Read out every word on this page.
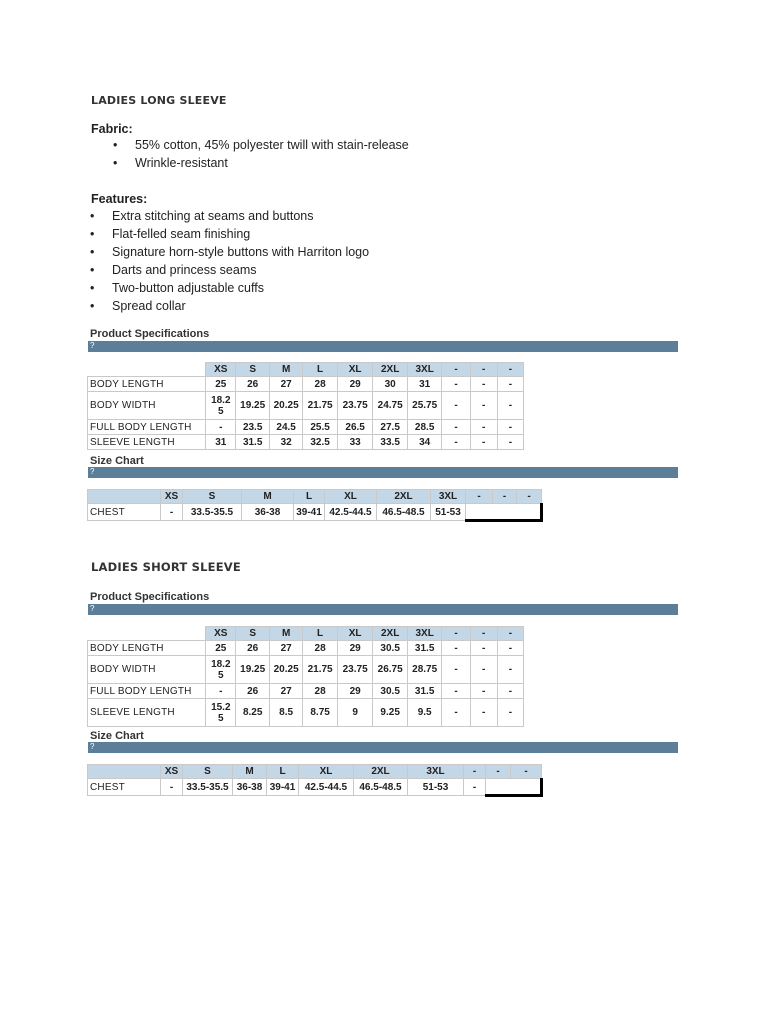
LADIES LONG SLEEVE
Fabric:
• 55% cotton, 45% polyester twill with stain-release
• Wrinkle-resistant
Features:
• Extra stitching at seams and buttons
• Flat-felled seam finishing
• Signature horn-style buttons with Harriton logo
• Darts and princess seams
• Two-button adjustable cuffs
• Spread collar
Product Specifications
?
	XS	S	M	L	XL	2XL	3XL	-	-	-
BODY LENGTH	25	26	27	28	29	30	31	-	-	-
BODY WIDTH	18.2
5	19.25	20.25	21.75	23.75	24.75	25.75	-	-	-
FULL BODY LENGTH	-	23.5	24.5	25.5	26.5	27.5	28.5	-	-	-
SLEEVE LENGTH	31	31.5	32	32.5	33	33.5	34	-	-	-
Size Chart
?
	XS	S	M	L	XL	2XL	3XL	-	-	-
CHEST	-	33.5-35.5	36-38	39-41	42.5-44.5	46.5-48.5	51-53			
LADIES SHORT SLEEVE
Product Specifications
?
	XS	S	M	L	XL	2XL	3XL	-	-	-
BODY LENGTH	25	26	27	28	29	30.5	31.5	-	-	-
BODY WIDTH	18.2
5	19.25	20.25	21.75	23.75	26.75	28.75	-	-	-
FULL BODY LENGTH	-	26	27	28	29	30.5	31.5	-	-	-
SLEEVE LENGTH	15.2
5	8.25	8.5	8.75	9	9.25	9.5	-	-	-
Size Chart
?
	XS	S	M	L	XL	2XL	3XL	-	-	-
CHEST	-	33.5-35.5	36-38	39-41	42.5-44.5	46.5-48.5	51-53	-		
